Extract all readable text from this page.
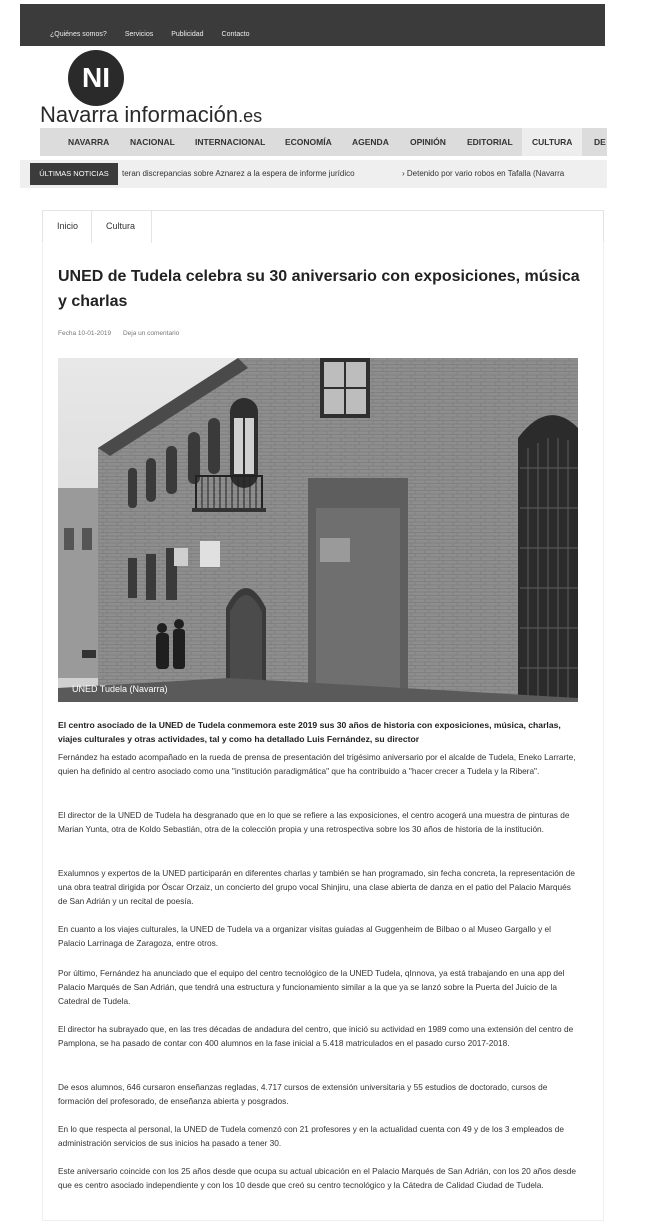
¿Quiénes somos?	Servicios	Publicidad	Contacto
NI
Navarra información.es
NAVARRA NACIONAL INTERNACIONAL ECONOMÍA AGENDA OPINIÓN EDITORIAL	CULTURA	DE
ÚLTIMAS NOTICIAS	teran discrepancias sobre Aznarez a la espera de informe jurídico	› Detenido por vario robos en Tafalla (Navarra
Inicio	Cultura
UNED de Tudela celebra su 30 aniversario con exposiciones, música y charlas
Fecha 10-01-2019 Deja un comentario
UNED Tudela (Navarra)

El centro asociado de la UNED de Tudela conmemora este 2019 sus 30 años de historia con exposiciones, música, charlas, viajes culturales y otras actividades, tal y como ha detallado Luis Fernández, su director

Fernández ha estado acompañado en la rueda de prensa de presentación del trigésimo aniversario por el alcalde de Tudela, Eneko Larrarte, quien ha definido al centro asociado como una "institución paradigmática" que ha contribuido a "hacer crecer a Tudela y la Ribera".

El director de la UNED de Tudela ha desgranado que en lo que se refiere a las exposiciones, el centro acogerá una muestra de pinturas de Marian Yunta, otra de Koldo Sebastián, otra de la colección propia y una retrospectiva sobre los 30 años de historia de la institución.

Exalumnos y expertos de la UNED participarán en diferentes charlas y también se han programado, sin fecha concreta, la representación de una obra teatral dirigida por Óscar Orzaiz, un concierto del grupo vocal Shinjiru, una clase abierta de danza en el patio del Palacio Marqués de San Adrián y un recital de poesía.

En cuanto a los viajes culturales, la UNED de Tudela va a organizar visitas guiadas al Guggenheim de Bilbao o al Museo Gargallo y el Palacio Larrinaga de Zaragoza, entre otros.

Por último, Fernández ha anunciado que el equipo del centro tecnológico de la UNED Tudela, qInnova, ya está trabajando en una app del Palacio Marqués de San Adrián, que tendrá una estructura y funcionamiento similar a la que ya se lanzó sobre la Puerta del Juicio de la Catedral de Tudela.

El director ha subrayado que, en las tres décadas de andadura del centro, que inició su actividad en 1989 como una extensión del centro de Pamplona, se ha pasado de contar con 400 alumnos en la fase inicial a 5.418 matriculados en el pasado curso 2017-2018.

De esos alumnos, 646 cursaron enseñanzas regladas, 4.717 cursos de extensión universitaria y 55 estudios de doctorado, cursos de formación del profesorado, de enseñanza abierta y posgrados.

En lo que respecta al personal, la UNED de Tudela comenzó con 21 profesores y en la actualidad cuenta con 49 y de los 3 empleados de administración servicios de sus inicios ha pasado a tener 30.

Este aniversario coincide con los 25 años desde que ocupa su actual ubicación en el Palacio Marqués de San Adrián, con los 20 años desde que es centro asociado independiente y con los 10 desde que creó su centro tecnológico y la Cátedra de Calidad Ciudad de Tudela.
